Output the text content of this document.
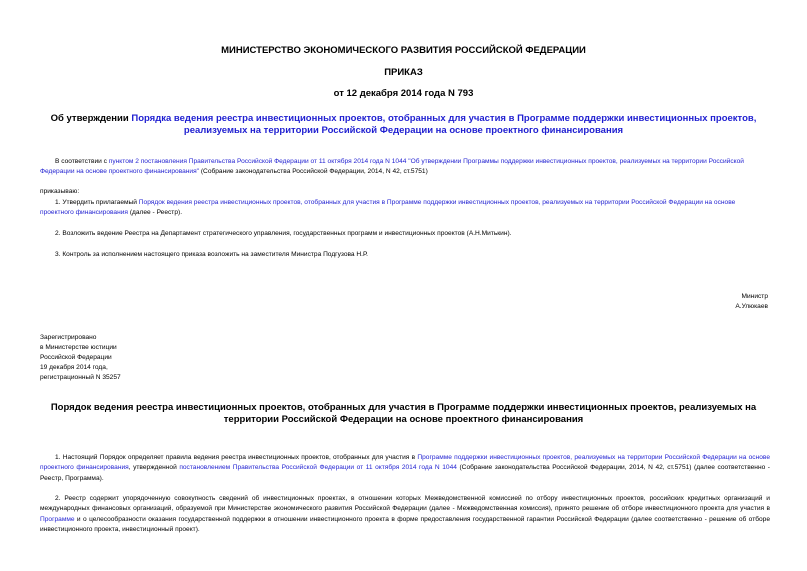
МИНИСТЕРСТВО ЭКОНОМИЧЕСКОГО РАЗВИТИЯ РОССИЙСКОЙ ФЕДЕРАЦИИ
ПРИКАЗ
от 12 декабря 2014 года N 793
Об утверждении Порядка ведения реестра инвестиционных проектов, отобранных для участия в Программе поддержки инвестиционных проектов, реализуемых на территории Российской Федерации на основе проектного финансирования
В соответствии с пунктом 2 постановления Правительства Российской Федерации от 11 октября 2014 года N 1044 "Об утверждении Программы поддержки инвестиционных проектов, реализуемых на территории Российской Федерации на основе проектного финансирования" (Собрание законодательства Российской Федерации, 2014, N 42, ст.5751)
приказываю:
1. Утвердить прилагаемый Порядок ведения реестра инвестиционных проектов, отобранных для участия в Программе поддержки инвестиционных проектов, реализуемых на территории Российской Федерации на основе проектного финансирования (далее - Реестр).
2. Возложить ведение Реестра на Департамент стратегического управления, государственных программ и инвестиционных проектов (А.Н.Митькин).
3. Контроль за исполнением настоящего приказа возложить на заместителя Министра Подгузова Н.Р.
Министр
А.Улюкаев
Зарегистрировано
в Министерстве юстиции
Российской Федерации
19 декабря 2014 года,
регистрационный N 35257
Порядок ведения реестра инвестиционных проектов, отобранных для участия в Программе поддержки инвестиционных проектов, реализуемых на территории Российской Федерации на основе проектного финансирования
1. Настоящий Порядок определяет правила ведения реестра инвестиционных проектов, отобранных для участия в Программе поддержки инвестиционных проектов, реализуемых на территории Российской Федерации на основе проектного финансирования, утвержденной постановлением Правительства Российской Федерации от 11 октября 2014 года N 1044 (Собрание законодательства Российской Федерации, 2014, N 42, ст.5751) (далее соответственно - Реестр, Программа).
2. Реестр содержит упорядоченную совокупность сведений об инвестиционных проектах, в отношении которых Межведомственной комиссией по отбору инвестиционных проектов, российских кредитных организаций и международных финансовых организаций, образуемой при Министерстве экономического развития Российской Федерации (далее - Межведомственная комиссия), принято решение об отборе инвестиционного проекта для участия в Программе и о целесообразности оказания государственной поддержки в отношении инвестиционного проекта в форме предоставления государственной гарантии Российской Федерации (далее соответственно - решение об отборе инвестиционного проекта, инвестиционный проект).
